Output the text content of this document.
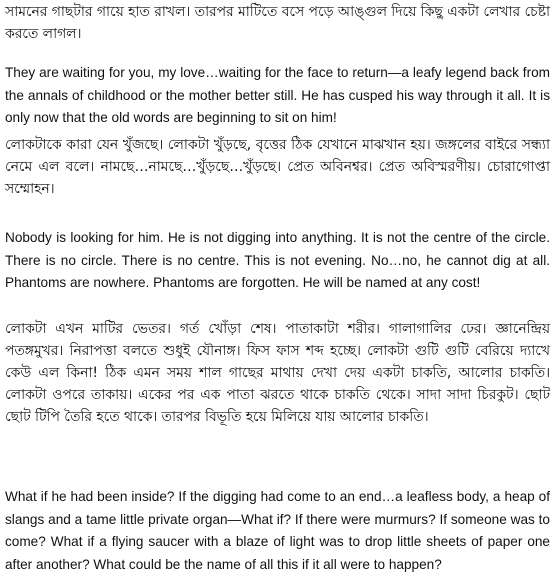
সামনের গাছটার গায়ে হাত রাখল। তারপর মাটিতে বসে পড়ে আঙ্গুল দিয়ে কিছু একটা লেখার চেষ্টা করতে লাগল।

They are waiting for you, my love…waiting for the face to return—a leafy legend back from the annals of childhood or the mother better still. He has cusped his way through it all. It is only now that the old words are beginning to sit on him!

লোকটাকে কারা যেন খুঁজছে। লোকটা খুঁড়ছে, বৃত্তের ঠিক যেখানে মাঝখান হয়। জঙ্গলের বাইরে সন্ধ্যা নেমে এল বলে। নামছে…নামছে…খুঁড়ছে…খুঁড়ছে। প্রেত অবিনশ্বর। প্রেত অবিস্মরণীয়। চোরাগোপ্তা সম্মোহন।

Nobody is looking for him. He is not digging into anything. It is not the centre of the circle. There is no circle. There is no centre. This is not evening. No…no, he cannot dig at all. Phantoms are nowhere. Phantoms are forgotten. He will be named at any cost!

লোকটা এখন মাটির ভেতর। গর্ত খোঁড়া শেষ। পাতাকাটা শরীর। গালাগালির ঢের। জ্ঞানেন্দ্রিয় পতঙ্গমুখর। নিরাপত্তা বলতে শুধুই যৌনাঙ্গ। ফিস ফাস শব্দ হচ্ছে। লোকটা গুটি গুটি বেরিয়ে দ্যাখে কেউ এল কিনা! ঠিক এমন সময় শাল গাছের মাথায় দেখা দেয় একটা চাকতি, আলোর চাকতি। লোকটা ওপরে তাকায়। একের পর এক পাতা ঝরতে থাকে চাকতি থেকে। সাদা সাদা চিরকুট। ছোট ছোট টিপি তৈরি হতে থাকে। তারপর বিভূতি হয়ে মিলিয়ে যায় আলোর চাকতি।

What if he had been inside? If the digging had come to an end…a leafless body, a heap of slangs and a tame little private organ—What if? If there were murmurs? If someone was to come? What if a flying saucer with a blaze of light was to drop little sheets of paper one after another? What could be the name of all this if it all were to happen?
